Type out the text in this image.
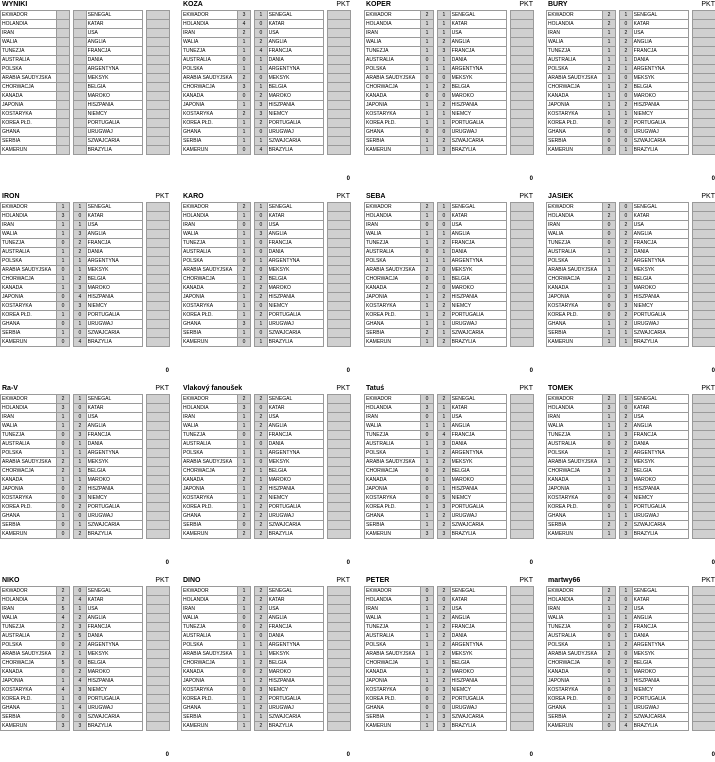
WYNIKI
EKWADOR				SENEGAL		
HOLANDIA				KATAR		
IRAN				USA		
WALIA				ANGLIA		
TUNEZJA				FRANCJA		
AUSTRALIA				DANIA		
POLSKA				ARGENTYNA		
ARABIA SAUDYJSKA				MEKSYK		
CHORWACJA				BELGIA		
KANADA				MAROKO		
JAPONIA				HISZPANIA		
KOSTARYKA				NIEMCY		
KOREA PŁD.				PORTUGALIA		
GHANA				URUGWAJ		
SERBIA				SZWAJCARIA		
KAMERUN				BRAZYLIA		
KOZA	PKT
EKWADOR	3		1	SENEGAL		
HOLANDIA	4		0	KATAR		
IRAN	2		0	USA		
WALIA	1		2	ANGLIA		
TUNEZJA	1		4	FRANCJA		
AUSTRALIA	0		1	DANIA		
POLSKA	1		1	ARGENTYNA		
ARABIA SAUDYJSKA	2		0	MEKSYK		
CHORWACJA	3		1	BELGIA		
KANADA	0		2	MAROKO		
JAPONIA	1		3	HISZPANIA		
KOSTARYKA	2		3	NIEMCY		
KOREA PŁD.	1		2	PORTUGALIA		
GHANA	1		0	URUGWAJ		
SERBIA	1		1	SZWAJCARIA		
KAMERUN	0		4	BRAZYLIA		
0
KOPER	PKT
EKWADOR	2		1	SENEGAL		
HOLANDIA	1		1	KATAR		
IRAN	1		1	USA		
WALIA	1		2	ANGLIA		
TUNEZJA	1		3	FRANCJA		
AUSTRALIA	0		1	DANIA		
POLSKA	1		1	ARGENTYNA		
ARABIA SAUDYJSKA	0		0	MEKSYK		
CHORWACJA	1		2	BELGIA		
KANADA	0		0	MAROKO		
JAPONIA	1		2	HISZPANIA		
KOSTARYKA	1		1	NIEMCY		
KOREA PŁD.	1		1	PORTUGALIA		
GHANA	0		0	URUGWAJ		
SERBIA	1		2	SZWAJCARIA		
KAMERUN	1		3	BRAZYLIA		
0
BURY	PKT
EKWADOR	2		1	SENEGAL		
HOLANDIA	2		0	KATAR		
IRAN	1		2	USA		
WALIA	1		2	ANGLIA		
TUNEZJA	1		2	FRANCJA		
AUSTRALIA	1		1	DANIA		
POLSKA	2		1	ARGENTYNA		
ARABIA SAUDYJSKA	1		0	MEKSYK		
CHORWACJA	1		2	BELGIA		
KANADA	1		0	MAROKO		
JAPONIA	1		2	HISZPANIA		
KOSTARYKA	1		1	NIEMCY		
KOREA PŁD.	0		2	PORTUGALIA		
GHANA	0		0	URUGWAJ		
SERBIA	0		0	SZWAJCARIA		
KAMERUN	0		1	BRAZYLIA		
0
IRON	PKT
EKWADOR	1		1	SENEGAL		
HOLANDIA	3		0	KATAR		
IRAN	1		1	USA		
WALIA	1		3	ANGLIA		
TUNEZJA	0		2	FRANCJA		
AUSTRALIA	1		2	DANIA		
POLSKA	1		1	ARGENTYNA		
ARABIA SAUDYJSKA	0		1	MEKSYK		
CHORWACJA	1		2	BELGIA		
KANADA	1		3	MAROKO		
JAPONIA	0		4	HISZPANIA		
KOSTARYKA	0		3	NIEMCY		
KOREA PŁD.	1		0	PORTUGALIA		
GHANA	0		1	URUGWAJ		
SERBIA	1		0	SZWAJCARIA		
KAMERUN	0		4	BRAZYLIA		
0
KARO	PKT
EKWADOR	2		1	SENEGAL		
HOLANDIA	1		0	KATAR		
IRAN	0		0	USA		
WALIA	1		3	ANGLIA		
TUNEZJA	1		0	FRANCJA		
AUSTRALIA	1		0	DANIA		
POLSKA	0		1	ARGENTYNA		
ARABIA SAUDYJSKA	2		0	MEKSYK		
CHORWACJA	1		2	BELGIA		
KANADA	2		2	MAROKO		
JAPONIA	1		2	HISZPANIA		
KOSTARYKA	1		0	NIEMCY		
KOREA PŁD.	1		2	PORTUGALIA		
GHANA	3		1	URUGWAJ		
SERBIA	1		0	SZWAJCARIA		
KAMERUN	0		1	BRAZYLIA		
0
SEBA	PKT
EKWADOR	2		1	SENEGAL		
HOLANDIA	1		0	KATAR		
IRAN	0		0	USA		
WALIA	1		1	ANGLIA		
TUNEZJA	1		2	FRANCJA		
AUSTRALIA	0		1	DANIA		
POLSKA	1		1	ARGENTYNA		
ARABIA SAUDYJSKA	2		0	MEKSYK		
CHORWACJA	0		1	BELGIA		
KANADA	2		0	MAROKO		
JAPONIA	1		2	HISZPANIA		
KOSTARYKA	1		2	NIEMCY		
KOREA PŁD.	1		2	PORTUGALIA		
GHANA	1		1	URUGWAJ		
SERBIA	2		1	SZWAJCARIA		
KAMERUN	1		2	BRAZYLIA		
0
JASIEK	PKT
EKWADOR	2		0	SENEGAL		
HOLANDIA	2		0	KATAR		
IRAN	0		2	USA		
WALIA	0		2	ANGLIA		
TUNEZJA	0		2	FRANCJA		
AUSTRALIA	1		2	DANIA		
POLSKA	1		2	ARGENTYNA		
ARABIA SAUDYJSKA	1		2	MEKSYK		
CHORWACJA	2		1	BELGIA		
KANADA	1		3	MAROKO		
JAPONIA	0		3	HISZPANIA		
KOSTARYKA	0		3	NIEMCY		
KOREA PŁD.	0		2	PORTUGALIA		
GHANA	1		2	URUGWAJ		
SERBIA	1		1	SZWAJCARIA		
KAMERUN	1		1	BRAZYLIA		
0
Ra-V	PKT
EKWADOR	2		1	SENEGAL		
HOLANDIA	3		0	KATAR		
IRAN	1		0	USA		
WALIA	1		2	ANGLIA		
TUNEZJA	0		3	FRANCJA		
AUSTRALIA	0		1	DANIA		
POLSKA	1		1	ARGENTYNA		
ARABIA SAUDYJSKA	2		1	MEKSYK		
CHORWACJA	2		1	BELGIA		
KANADA	1		1	MAROKO		
JAPONIA	0		2	HISZPANIA		
KOSTARYKA	0		3	NIEMCY		
KOREA PŁD.	0		2	PORTUGALIA		
GHANA	1		0	URUGWAJ		
SERBIA	0		1	SZWAJCARIA		
KAMERUN	0		2	BRAZYLIA		
0
Vlakový fanoušek	PKT
EKWADOR	2		2	SENEGAL		
HOLANDIA	3		0	KATAR		
IRAN	1		2	USA		
WALIA	1		2	ANGLIA		
TUNEZJA	0		2	FRANCJA		
AUSTRALIA	1		0	DANIA		
POLSKA	1		1	ARGENTYNA		
ARABIA SAUDYJSKA	1		0	MEKSYK		
CHORWACJA	2		1	BELGIA		
KANADA	2		1	MAROKO		
JAPONIA	1		2	HISZPANIA		
KOSTARYKA	1		2	NIEMCY		
KOREA PŁD.	1		2	PORTUGALIA		
GHANA	2		2	URUGWAJ		
SERBIA	0		2	SZWAJCARIA		
KAMERUN	2		2	BRAZYLIA		
0
Tatuś	PKT
EKWADOR	0		2	SENEGAL		
HOLANDIA	3		1	KATAR		
IRAN	0		1	USA		
WALIA	1		1	ANGLIA		
TUNEZJA	0		4	FRANCJA		
AUSTRALIA	1		3	DANIA		
POLSKA	1		2	ARGENTYNA		
ARABIA SAUDYJSKA	1		2	MEKSYK		
CHORWACJA	0		2	BELGIA		
KANADA	0		1	MAROKO		
JAPONIA	0		1	HISZPANIA		
KOSTARYKA	0		5	NIEMCY		
KOREA PŁD.	1		3	PORTUGALIA		
GHANA	1		2	URUGWAJ		
SERBIA	1		2	SZWAJCARIA		
KAMERUN	3		3	BRAZYLIA		
0
TOMEK	PKT
EKWADOR	2		1	SENEGAL		
HOLANDIA	3		0	KATAR		
IRAN	1		2	USA		
WALIA	1		2	ANGLIA		
TUNEZJA	1		3	FRANCJA		
AUSTRALIA	0		2	DANIA		
POLSKA	1		2	ARGENTYNA		
ARABIA SAUDYJSKA	1		2	MEKSYK		
CHORWACJA	3		2	BELGIA		
KANADA	1		3	MAROKO		
JAPONIA	1		3	HISZPANIA		
KOSTARYKA	0		4	NIEMCY		
KOREA PŁD.	0		1	PORTUGALIA		
GHANA	1		1	URUGWAJ		
SERBIA	2		2	SZWAJCARIA		
KAMERUN	1		3	BRAZYLIA		
0
NIKO	PKT
EKWADOR	2		0	SENEGAL		
HOLANDIA	2		4	KATAR		
IRAN	5		1	USA		
WALIA	4		2	ANGLIA		
TUNEZJA	2		3	FRANCJA		
AUSTRALIA	2		5	DANIA		
POLSKA	0		2	ARGENTYNA		
ARABIA SAUDYJSKA	2		1	MEKSYK		
CHORWACJA	5		0	BELGIA		
KANADA	0		2	MAROKO		
JAPONIA	1		4	HISZPANIA		
KOSTARYKA	4		3	NIEMCY		
KOREA PŁD.	1		0	PORTUGALIA		
GHANA	1		4	URUGWAJ		
SERBIA	0		0	SZWAJCARIA		
KAMERUN	3		3	BRAZYLIA		
0
DINO	PKT
EKWADOR	1		2	SENEGAL		
HOLANDIA	2		2	KATAR		
IRAN	1		2	USA		
WALIA	0		2	ANGLIA		
TUNEZJA	0		2	FRANCJA		
AUSTRALIA	1		0	DANIA		
POLSKA	1		1	ARGENTYNA		
ARABIA SAUDYJSKA	1		1	MEKSYK		
CHORWACJA	1		2	BELGIA		
KANADA	0		2	MAROKO		
JAPONIA	1		2	HISZPANIA		
KOSTARYKA	0		3	NIEMCY		
KOREA PŁD.	1		2	PORTUGALIA		
GHANA	1		2	URUGWAJ		
SERBIA	1		1	SZWAJCARIA		
KAMERUN	1		2	BRAZYLIA		
0
PETER	PKT
EKWADOR	0		2	SENEGAL		
HOLANDIA	3		0	KATAR		
IRAN	1		2	USA		
WALIA	1		2	ANGLIA		
TUNEZJA	1		2	FRANCJA		
AUSTRALIA	1		2	DANIA		
POLSKA	1		2	ARGENTYNA		
ARABIA SAUDYJSKA	1		2	MEKSYK		
CHORWACJA	1		1	BELGIA		
KANADA	1		2	MAROKO		
JAPONIA	1		2	HISZPANIA		
KOSTARYKA	0		3	NIEMCY		
KOREA PŁD.	0		2	PORTUGALIA		
GHANA	0		0	URUGWAJ		
SERBIA	1		3	SZWAJCARIA		
KAMERUN	1		3	BRAZYLIA		
0
martwy66	PKT
EKWADOR	2		1	SENEGAL		
HOLANDIA	2		0	KATAR		
IRAN	1		2	USA		
WALIA	1		1	ANGLIA		
TUNEZJA	0		2	FRANCJA		
AUSTRALIA	0		1	DANIA		
POLSKA	1		2	ARGENTYNA		
ARABIA SAUDYJSKA	2		0	MEKSYK		
CHORWACJA	0		2	BELGIA		
KANADA	0		1	MAROKO		
JAPONIA	1		3	HISZPANIA		
KOSTARYKA	0		3	NIEMCY		
KOREA PŁD.	0		3	PORTUGALIA		
GHANA	1		1	URUGWAJ		
SERBIA	2		2	SZWAJCARIA		
KAMERUN	0		4	BRAZYLIA		
0
